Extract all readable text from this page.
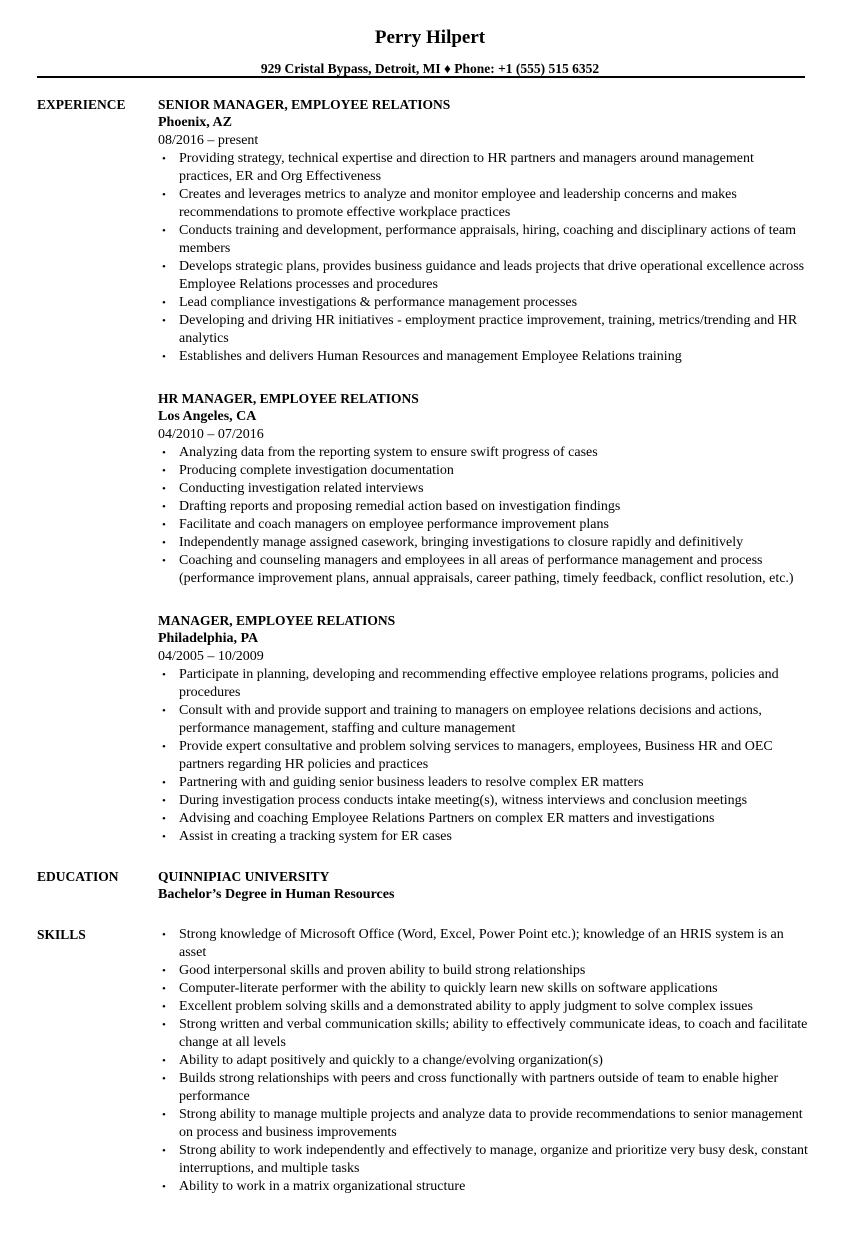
Perry Hilpert
929 Cristal Bypass, Detroit, MI ♦ Phone: +1 (555) 515 6352
EXPERIENCE	SENIOR MANAGER, EMPLOYEE RELATIONS
Phoenix, AZ
08/2016 – present
• Providing strategy, technical expertise and direction to HR partners and managers around management practices, ER and Org Effectiveness
• Creates and leverages metrics to analyze and monitor employee and leadership concerns and makes recommendations to promote effective workplace practices
• Conducts training and development, performance appraisals, hiring, coaching and disciplinary actions of team members
• Develops strategic plans, provides business guidance and leads projects that drive operational excellence across Employee Relations processes and procedures
• Lead compliance investigations & performance management processes
• Developing and driving HR initiatives - employment practice improvement, training, metrics/trending and HR analytics
• Establishes and delivers Human Resources and management Employee Relations training
HR MANAGER, EMPLOYEE RELATIONS
Los Angeles, CA
04/2010 – 07/2016
• Analyzing data from the reporting system to ensure swift progress of cases
• Producing complete investigation documentation
• Conducting investigation related interviews
• Drafting reports and proposing remedial action based on investigation findings
• Facilitate and coach managers on employee performance improvement plans
• Independently manage assigned casework, bringing investigations to closure rapidly and definitively
• Coaching and counseling managers and employees in all areas of performance management and process (performance improvement plans, annual appraisals, career pathing, timely feedback, conflict resolution, etc.)
MANAGER, EMPLOYEE RELATIONS
Philadelphia, PA
04/2005 – 10/2009
• Participate in planning, developing and recommending effective employee relations programs, policies and procedures
• Consult with and provide support and training to managers on employee relations decisions and actions, performance management, staffing and culture management
• Provide expert consultative and problem solving services to managers, employees, Business HR and OEC partners regarding HR policies and practices
• Partnering with and guiding senior business leaders to resolve complex ER matters
• During investigation process conducts intake meeting(s), witness interviews and conclusion meetings
• Advising and coaching Employee Relations Partners on complex ER matters and investigations
• Assist in creating a tracking system for ER cases
EDUCATION	QUINNIPIAC UNIVERSITY
Bachelor’s Degree in Human Resources
SKILLS	• Strong knowledge of Microsoft Office (Word, Excel, Power Point etc.); knowledge of an HRIS system is an asset
• Good interpersonal skills and proven ability to build strong relationships
• Computer-literate performer with the ability to quickly learn new skills on software applications
• Excellent problem solving skills and a demonstrated ability to apply judgment to solve complex issues
• Strong written and verbal communication skills; ability to effectively communicate ideas, to coach and facilitate change at all levels
• Ability to adapt positively and quickly to a change/evolving organization(s)
• Builds strong relationships with peers and cross functionally with partners outside of team to enable higher performance
• Strong ability to manage multiple projects and analyze data to provide recommendations to senior management on process and business improvements
• Strong ability to work independently and effectively to manage, organize and prioritize very busy desk, constant interruptions, and multiple tasks
• Ability to work in a matrix organizational structure
